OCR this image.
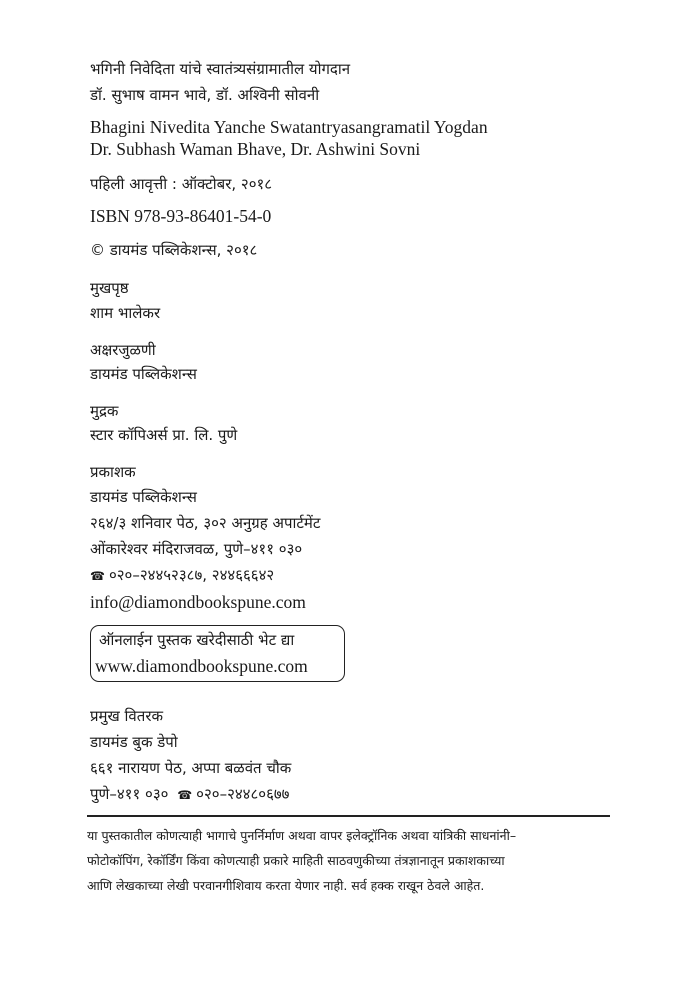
भगिनी निवेदिता यांचे स्वातंत्र्यसंग्रामातील योगदान
डॉ. सुभाष वामन भावे, डॉ. अश्विनी सोवनी
Bhagini Nivedita Yanche Swatantryasangramatil Yogdan
Dr. Subhash Waman Bhave, Dr. Ashwini Sovni
पहिली आवृत्ती : ऑक्टोबर, २०१८
ISBN 978-93-86401-54-0
© डायमंड पब्लिकेशन्स, २०१८
मुखपृष्ठ
शाम भालेकर
अक्षरजुळणी
डायमंड पब्लिकेशन्स
मुद्रक
स्टार कॉपिअर्स प्रा. लि. पुणे
प्रकाशक
डायमंड पब्लिकेशन्स
२६४/३ शनिवार पेठ, ३०२ अनुग्रह अपार्टमेंट
ओंकारेश्वर मंदिराजवळ, पुणे–४११ ०३०
☎ ०२०–२४४५२३८७, २४४६६६४२
info@diamondbookspune.com
ऑनलाईन पुस्तक खरेदीसाठी भेट द्या
www.diamondbookspune.com
प्रमुख वितरक
डायमंड बुक डेपो
६६१ नारायण पेठ, अप्पा बळवंत चौक
पुणे–४११ ०३० ☎ ०२०–२४४८०६७७
या पुस्तकातील कोणत्याही भागाचे पुनर्निर्माण अथवा वापर इलेक्ट्रॉनिक अथवा यांत्रिकी साधनांनी–
फोटोकॉपिंग, रेकॉर्डिंग किंवा कोणत्याही प्रकारे माहिती साठवणुकीच्या तंत्रज्ञानातून प्रकाशकाच्या
आणि लेखकाच्या लेखी परवानगीशिवाय करता येणार नाही. सर्व हक्क राखून ठेवले आहेत.
